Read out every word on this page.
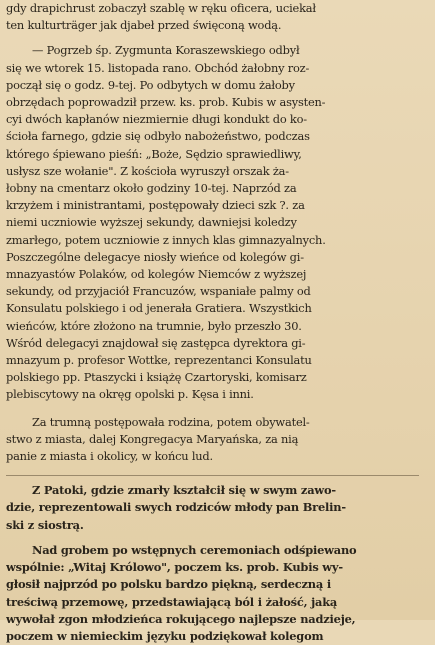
gdy drapichrust zobaczył szablę w ręku oficera, uciekał
ten kulturträger jak djabeł przed święconą wodą.
— Pogrzeb śp. Zygmunta Koraszewskiego odbył
się we wtorek 15. listopada rano. Obchód żałobny roz-
począł się o godz. 9-tej. Po odbytych w domu żałoby
obrzędach poprowadził przew. ks. prob. Kubis w asysten-
cyi dwóch kapłanów niezmiernie długi kondukt do ko-
ścioła farnego, gdzie się odbyło nabożeństwo, podczas
którego śpiewano pieśń: „Boże, Sędzio sprawiedliwy,
usłysz sze wołanie". Z kościoła wyruszył orszak ża-
łobny na cmentarz około godziny 10-tej. Naprzód za
krzyżem i ministrantami, postępowały dzieci szk ?. za
niemi uczniowie wyższej sekundy, dawniejsi koledzy
zmarłego, potem uczniowie z innych klas gimnazyalnych.
Poszczególne delegacye niosły wieńce od kolegów gi-
mnazyastów Polaków, od kolegów Niemców z wyższej
sekundy, od przyjaciół Francuzów, wspaniałe palmy od
Konsulatu polskiego i od jenerała Gratiera. Wszystkich
wieńców, które złożono na trumnie, było przeszło 30.
Wśród delegacyi znajdował się zastępca dyrektora gi-
mnazyum p. profesor Wottke, reprezentanci Konsulatu
polskiego pp. Ptaszycki i książę Czartoryski, komisarz
plebiscytowy na okręg opolski p. Kęsa i inni.
Za trumną postępowała rodzina, potem obywatel-
stwo z miasta, dalej Kongregacya Maryańska, za nią
panie z miasta i okolicy, w końcu lud.
Z Patoki, gdzie zmarły kształcił się w swym zawo-
dzie, reprezentowali swych rodziców młody pan Brelin-
ski z siostrą.
Nad grobem po wstępnych ceremoniach odśpiewano
wspólnie: „Witaj Królowo", poczem ks. prob. Kubis wy-
głosił najprzód po polsku bardzo piękną, serdeczną i
treściwą przemowę, przedstawiającą ból i żałość, jaką
wywołał zgon młodzieńca rokującego najlepsze nadzieje,
poczem w niemieckim języku podziękował kolegom
